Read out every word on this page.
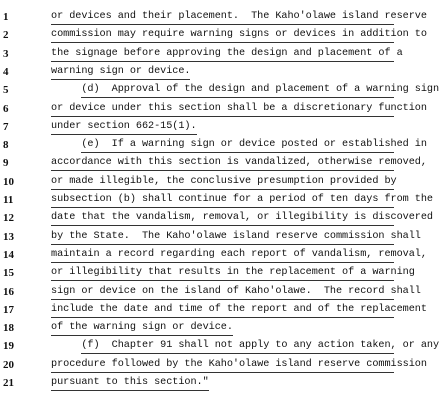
1	or devices and their placement.  The Kaho'olawe island reserve
2	commission may require warning signs or devices in addition to
3	the signage before approving the design and placement of a
4	warning sign or device.
5	(d)  Approval of the design and placement of a warning sign
6	or device under this section shall be a discretionary function
7	under section 662-15(1).
8	(e)  If a warning sign or device posted or established in
9	accordance with this section is vandalized, otherwise removed,
10	or made illegible, the conclusive presumption provided by
11	subsection (b) shall continue for a period of ten days from the
12	date that the vandalism, removal, or illegibility is discovered
13	by the State.  The Kaho'olawe island reserve commission shall
14	maintain a record regarding each report of vandalism, removal,
15	or illegibility that results in the replacement of a warning
16	sign or device on the island of Kaho'olawe.  The record shall
17	include the date and time of the report and of the replacement
18	of the warning sign or device.
19	(f)  Chapter 91 shall not apply to any action taken, or any
20	procedure followed by the Kaho'olawe island reserve commission
21	pursuant to this section."
